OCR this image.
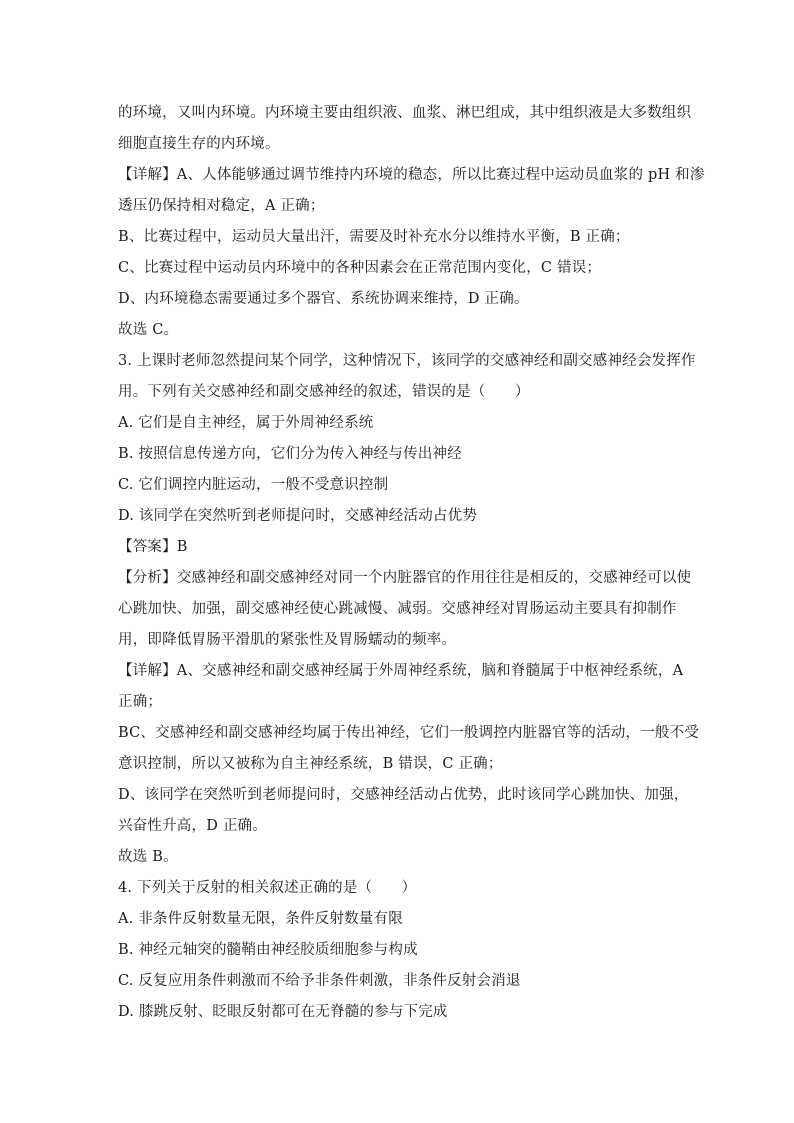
的环境，又叫内环境。内环境主要由组织液、血浆、淋巴组成，其中组织液是大多数组织
细胞直接生存的内环境。
【详解】A、人体能够通过调节维持内环境的稳态，所以比赛过程中运动员血浆的 pH 和渗
透压仍保持相对稳定，A 正确；
B、比赛过程中，运动员大量出汗，需要及时补充水分以维持水平衡，B 正确；
C、比赛过程中运动员内环境中的各种因素会在正常范围内变化，C 错误；
D、内环境稳态需要通过多个器官、系统协调来维持，D 正确。
故选 C。
3. 上课时老师忽然提问某个同学，这种情况下，该同学的交感神经和副交感神经会发挥作
用。下列有关交感神经和副交感神经的叙述，错误的是（　　）
A. 它们是自主神经，属于外周神经系统
B. 按照信息传递方向，它们分为传入神经与传出神经
C. 它们调控内脏运动，一般不受意识控制
D. 该同学在突然听到老师提问时，交感神经活动占优势
【答案】B
【分析】交感神经和副交感神经对同一个内脏器官的作用往往是相反的，交感神经可以使
心跳加快、加强，副交感神经使心跳减慢、减弱。交感神经对胃肠运动主要具有抑制作
用，即降低胃肠平滑肌的紧张性及胃肠蠕动的频率。
【详解】A、交感神经和副交感神经属于外周神经系统，脑和脊髓属于中枢神经系统，A
正确；
BC、交感神经和副交感神经均属于传出神经，它们一般调控内脏器官等的活动，一般不受
意识控制，所以又被称为自主神经系统，B 错误，C 正确；
D、该同学在突然听到老师提问时，交感神经活动占优势，此时该同学心跳加快、加强，
兴奋性升高，D 正确。
故选 B。
4. 下列关于反射的相关叙述正确的是（　　）
A. 非条件反射数量无限，条件反射数量有限
B. 神经元轴突的髓鞘由神经胶质细胞参与构成
C. 反复应用条件刺激而不给予非条件刺激，非条件反射会消退
D. 膝跳反射、眨眼反射都可在无脊髓的参与下完成
